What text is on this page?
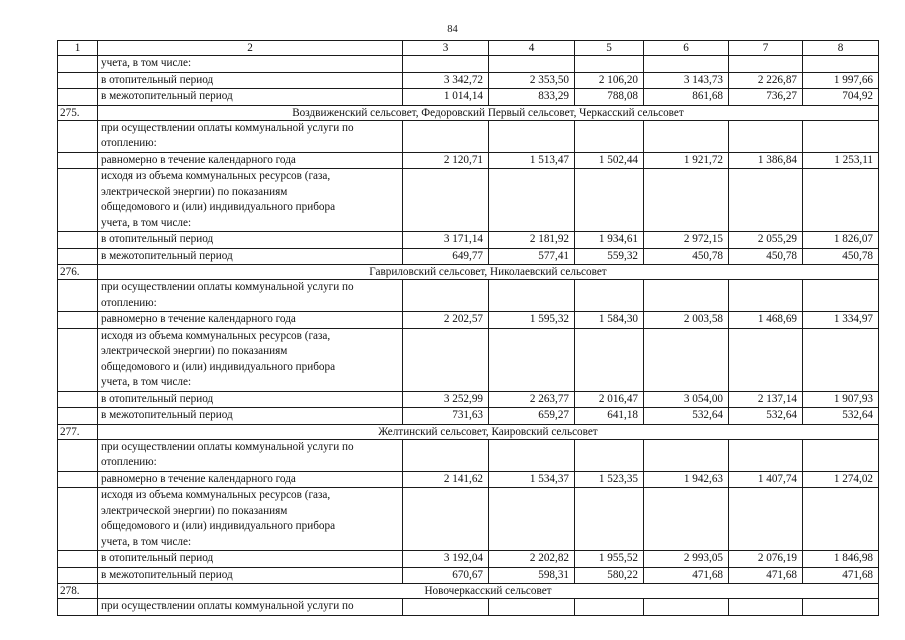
84
1	2	3	4	5	6	7	8
	учета, в том числе:						
	в отопительный период	3 342,72	2 353,50	2 106,20	3 143,73	2 226,87	1 997,66
	в межотопительный период	1 014,14	833,29	788,08	861,68	736,27	704,92
275.	Воздвиженский сельсовет, Федоровский Первый сельсовет, Черкасский сельсовет						

	при осуществлении оплаты коммунальной услуги по
отоплению:						

	равномерно в течение календарного года	2 120,71	1 513,47	1 502,44	1 921,72	1 386,84	1 253,11

	исходя из объема коммунальных ресурсов (газа,
электрической энергии) по показаниям
общедомового и (или) индивидуального прибора
учета, в том числе:						

	в отопительный период	3 171,14	2 181,92	1 934,61	2 972,15	2 055,29	1 826,07
	в межотопительный период	649,77	577,41	559,32	450,78	450,78	450,78
276.	Гавриловский сельсовет, Николаевский сельсовет						

	при осуществлении оплаты коммунальной услуги по
отоплению:						

	равномерно в течение календарного года	2 202,57	1 595,32	1 584,30	2 003,58	1 468,69	1 334,97

	исходя из объема коммунальных ресурсов (газа,
электрической энергии) по показаниям
общедомового и (или) индивидуального прибора
учета, в том числе:						

	в отопительный период	3 252,99	2 263,77	2 016,47	3 054,00	2 137,14	1 907,93
	в межотопительный период	731,63	659,27	641,18	532,64	532,64	532,64
277.	Желтинский сельсовет, Каировский сельсовет						

	при осуществлении оплаты коммунальной услуги по
отоплению:						

	равномерно в течение календарного года	2 141,62	1 534,37	1 523,35	1 942,63	1 407,74	1 274,02

	исходя из объема коммунальных ресурсов (газа,
электрической энергии) по показаниям
общедомового и (или) индивидуального прибора
учета, в том числе:						

	в отопительный период	3 192,04	2 202,82	1 955,52	2 993,05	2 076,19	1 846,98
	в межотопительный период	670,67	598,31	580,22	471,68	471,68	471,68
278.	Новочеркасский сельсовет						
	при осуществлении оплаты коммунальной услуги по						
